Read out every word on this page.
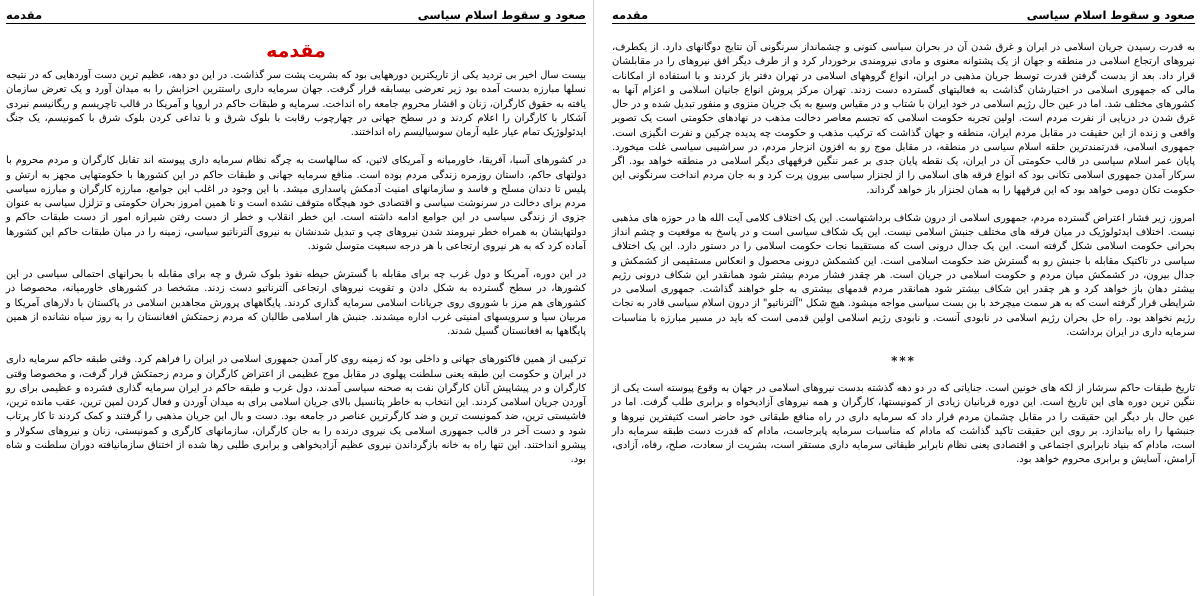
صعود و سقوط اسلام سیاسی
مقدمه
مقدمه

بیست سال اخیر بی تردید یکی از تاریکترین دورههایی بود که بشریت پشت سر گذاشت. در این دو دهه، عظیم ترین دست آوردهایی که در نتیجه نسلها مبارزه بدست آمده بود زیر تعرضی بیسابقه قرار گرفت. جهان سرمایه داری راستترین احزابش را به میدان آورد و یک تعرض سازمان یافته به حقوق کارگران، زنان و اقشار محروم جامعه راه انداخت. سرمایه و طبقات حاکم در اروپا و آمریکا در قالب تاچریسم و ریگانیسم نبردی آشکار با کارگران را اعلام کردند و در سطح جهانی در چهارچوب رقابت با بلوک شرق و با تداعی کردن بلوک شرق با کمونیسم، یک جنگ ایدئولوژیک تمام عیار علیه آرمان سوسیالیسم راه انداختند.

در کشورهای آسیا، آفریقا، خاورمیانه و آمریکای لاتین، که سالهاست به چرگه نظام سرمایه داری پیوسته اند تقابل کارگران و مردم محروم با دولتهای حاکم، داستان روزمره زندگی مردم بوده است. منافع سرمایه جهانی و طبقات حاکم در این کشورها با حکومتهایی مجهز به ارتش و پلیس تا دندان مسلح و فاسد و سازمانهای امنیت آدمکش پاسداری میشد. با این وجود در اغلب این جوامع، مبارزه کارگران و مبارزه سیاسی مردم برای دخالت در سرنوشت سیاسی و اقتصادی خود هیچگاه متوقف نشده است و تا همین امروز بحران حکومتی و تزلزل سیاسی به عنوان جزوی از زندگی سیاسی در این جوامع ادامه داشته است. این خطر انقلاب و خطر از دست رفتن شیرازه امور از دست طبقات حاکم و دولتهایشان به همراه خطر نیرومند شدن نیروهای چپ و تبدیل شدنشان به نیروی آلترناتیو سیاسی، زمینه را در میان طبقات حاکم این کشورها آماده کرد که به هر نیروی ارتجاعی با هر درجه سبعیت متوسل شوند.

در این دوره، آمریکا و دول غرب چه برای مقابله با گسترش حیطه نفوذ بلوک شرق و چه برای مقابله با بحرانهای احتمالی سیاسی در این کشورها، در سطح گسترده به شکل دادن و تقویت نیروهای ارتجاعی آلترناتیو دست زدند. مشخصا در کشورهای خاورمیانه، محصوصا در کشورهای هم مرز با شوروی روی جریانات اسلامی سرمایه گذاری کردند. پایگاههای پرورش مجاهدین اسلامی در پاکستان با دلارهای آمریکا و مربیان سیا و سرویسهای امنیتی غرب اداره میشدند. جنبش هار اسلامی طالبان که مردم زحمتکش افغانستان را به روز سیاه نشانده از همین پایگاهها به افغانستان گسیل شدند.

ترکیبی از همین فاکتورهای جهانی و داخلی بود که زمینه روی کار آمدن جمهوری اسلامی در ایران را فراهم کرد. وقتی طبقه حاکم سرمایه داری در ایران و حکومت این طبقه یعنی سلطنت پهلوی در مقابل موج عظیمی از اعتراض کارگران و مردم زحمتکش قرار گرفت، و مخصوصا وقتی کارگران و در پیشاپیش آنان کارگران نفت به صحنه سیاسی آمدند، دول غرب و طبقه حاکم در ایران سرمایه گذاری فشرده و عظیمی برای رو آوردن جریان اسلامی کردند. این انتخاب به خاطر پتانسیل بالای جریان اسلامی برای به میدان آوردن و فعال کردن لمپن ترین، عقب مانده ترین، فاشیستی ترین، ضد کمونیست ترین و ضد کارگرترین عناصر در جامعه بود. دست و بال این جریان مذهبی را گرفتند و کمک کردند تا کار پرتاب شود و دست آخر در قالب جمهوری اسلامی یک نیروی درنده را به جان کارگران، سازمانهای کارگری و کمونیستی، زنان و نیروهای سکولار و پیشرو انداختند. این تنها راه به خانه بازگرداندن نیروی عظیم آزادیخواهی و برابری طلبی رها شده از اختناق سازمانیافته دوران سلطنت و شاه بود.

صعود و سقوط اسلام سیاسی
مقدمه

به قدرت رسیدن جریان اسلامی در ایران و غرق شدن آن در بحران سیاسی کنونی و چشمانداز سرنگونی آن نتایج دوگانهای دارد. از یکطرف، نیروهای ارتجاع اسلامی در منطقه و جهان از یک پشتوانه معنوی و مادی نیرومندی برخوردار کرد و از طرف دیگر افق نیروهای را در مقابلشان قرار داد. بعد از بدست گرفتن قدرت توسط جریان مذهبی در ایران، انواع گروههای اسلامی در تهران دفتر باز کردند و با استفاده از امکانات مالی که جمهوری اسلامی در اختیارشان گذاشت به فعالیتهای گسترده دست زدند. تهران مرکز پروش انواع جانیان اسلامی و اعزام آنها به کشورهای مختلف شد. اما در عین حال رژیم اسلامی در خود ایران با شتاب و در مقیاس وسیع به یک جریان منزوی و منفور تبدیل شده و در حال غرق شدن در دریایی از نفرت مردم است. اولین تجربه حکومت اسلامی که تجسم معاصر دخالت مذهب در نهادهای حکومتی است یک تصویر واقعی و زنده از این حقیقت در مقابل مردم ایران، منطقه و جهان گذاشت که ترکیب مذهب و حکومت چه پدیده چرکین و نفرت انگیزی است. جمهوری اسلامی، قدرتمندترین حلقه اسلام سیاسی در منطقه، در مقابل موج رو به افزون انزجار مردم، در سراشیبی سیاسی غلت میخورد. پایان عمر اسلام سیاسی در قالب حکومتی آن در ایران، یک نقطه پایان جدی بر عمر ننگین فرقههای دیگر اسلامی در منطقه خواهد بود. اگر سرکار آمدن جمهوری اسلامی تکانی بود که انواع فرقه های اسلامی را از لجنزار سیاسی بیرون پرت کرد و به جان مردم انداخت سرنگونی این حکومت تکان دومی خواهد بود که این فرقهها را به همان لجنزار باز خواهد گرداند.

امروز، زیر فشار اعتراض گسترده مردم، جمهوری اسلامی از درون شکاف برداشتهاست. این یک اختلاف کلامی آیت الله ها در حوزه های مذهبی نیست. اختلاف ایدئولوژیک در میان فرقه های مختلف جنبش اسلامی نیست. این یک شکاف سیاسی است و در پاسخ به موقعیت و چشم انداز بحرانی حکومت اسلامی شکل گرفته است. این یک جدال درونی است که مستقیما نجات حکومت اسلامی را در دستور دارد. این یک اختلاف سیاسی در تاکتیک مقابله با جنبش رو به گسترش ضد حکومت اسلامی است. این کشمکش درونی محصول و انعکاس مستقیمی از کشمکش و جدال بیرون، در کشمکش میان مردم و حکومت اسلامی در جریان است. هر چقدر فشار مردم بیشتر شود همانقدر این شکاف درونی رژیم بیشتر دهان باز خواهد کرد و هر چقدر این شکاف بیشتر شود همانقدر مردم قدمهای بیشتری به جلو خواهند گذاشت. جمهوری اسلامی در شرایطی قرار گرفته است که به هر سمت میچرخد با بن بست سیاسی مواجه میشود. هیچ شکل "آلترناتیو" از درون اسلام سیاسی قادر به نجات رژیم نخواهد بود. راه حل بحران رژیم اسلامی در نابودی آنست. و نابودی رژیم اسلامی اولین قدمی است که باید در مسیر مبارزه با مناسبات سرمایه داری در ایران برداشت.

***

تاریخ طبقات حاکم سرشار از لکه های خونین است. جنایاتی که در دو دهه گذشته بدست نیروهای اسلامی در جهان به وقوع پیوسته است یکی از ننگین ترین دوره های این تاریخ است. این دوره قربانیان زیادی از کمونیستها، کارگران و همه نیروهای آزادیخواه و برابری طلب گرفت. اما در عین حال بار دیگر این حقیقت را در مقابل چشمان مردم قرار داد که سرمایه داری در راه منافع طبقاتی خود حاضر است کثیفترین نیروها و جنبشها را راه بیاندازد. بر روی این حقیقت تاکید گذاشت که مادام که مناسبات سرمایه پابرجاست، مادام که قدرت دست طبقه سرمایه دار است، مادام که بنیاد نابرابری اجتماعی و اقتصادی یعنی نظام نابرابر طبقاتی سرمایه داری مستقر است، بشریت از سعادت، صلح، رفاه، آزادی، آرامش، آسایش و برابری محروم خواهد بود.
